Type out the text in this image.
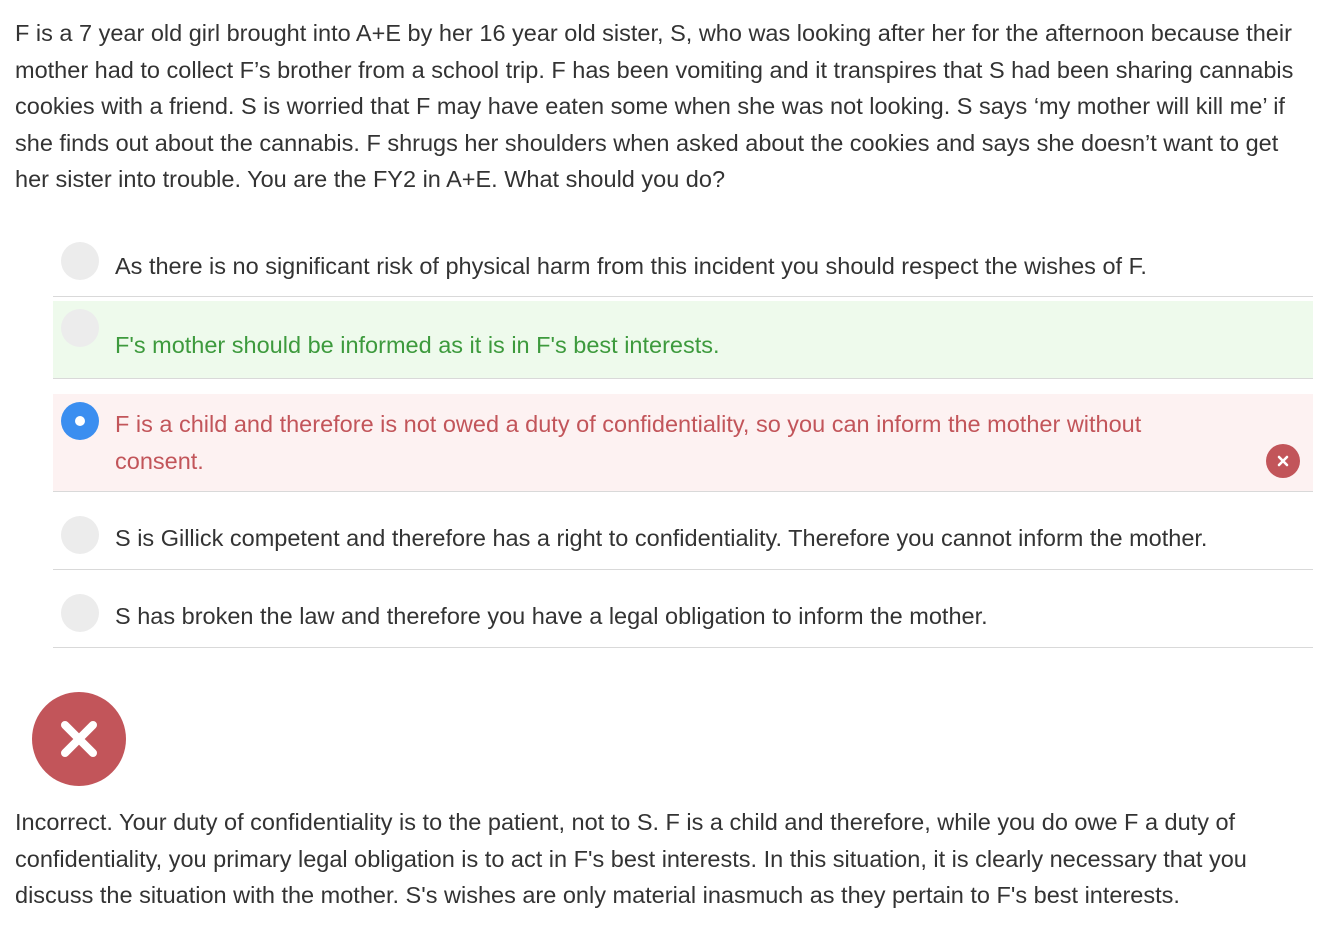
F is a 7 year old girl brought into A+E by her 16 year old sister, S, who was looking after her for the afternoon because their mother had to collect F’s brother from a school trip. F has been vomiting and it transpires that S had been sharing cannabis cookies with a friend. S is worried that F may have eaten some when she was not looking. S says ‘my mother will kill me’ if she finds out about the cannabis. F shrugs her shoulders when asked about the cookies and says she doesn’t want to get her sister into trouble. You are the FY2 in A+E. What should you do?

As there is no significant risk of physical harm from this incident you should respect the wishes of F.
F's mother should be informed as it is in F's best interests.
F is a child and therefore is not owed a duty of confidentiality, so you can inform the mother without consent.
S is Gillick competent and therefore has a right to confidentiality. Therefore you cannot inform the mother.
S has broken the law and therefore you have a legal obligation to inform the mother.

Incorrect. Your duty of confidentiality is to the patient, not to S. F is a child and therefore, while you do owe F a duty of confidentiality, you primary legal obligation is to act in F's best interests. In this situation, it is clearly necessary that you discuss the situation with the mother. S's wishes are only material inasmuch as they pertain to F's best interests.
